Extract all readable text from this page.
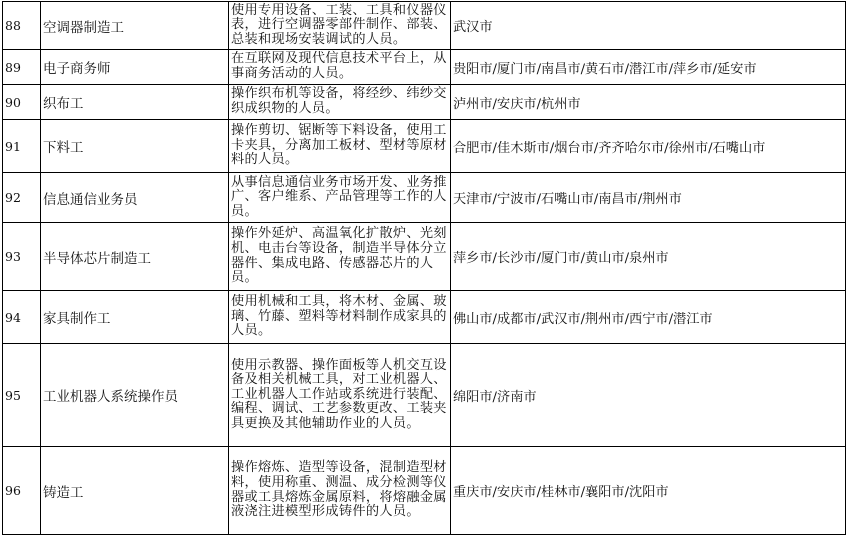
88	空调器制造工	使用专用设备、工装、工具和仪器仪表，进行空调器零部件制作、部装、总装和现场安装调试的人员。	武汉市
89	电子商务师	在互联网及现代信息技术平台上，从事商务活动的人员。	贵阳市/厦门市/南昌市/黄石市/潜江市/萍乡市/延安市
90	织布工	操作织布机等设备，将经纱、纬纱交织成织物的人员。	泸州市/安庆市/杭州市
91	下料工	操作剪切、锯断等下料设备，使用工卡夹具，分离加工板材、型材等原材料的人员。	合肥市/佳木斯市/烟台市/齐齐哈尔市/徐州市/石嘴山市
92	信息通信业务员	从事信息通信业务市场开发、业务推广、客户维系、产品管理等工作的人员。	天津市/宁波市/石嘴山市/南昌市/荆州市
93	半导体芯片制造工	操作外延炉、高温氧化扩散炉、光刻机、电击台等设备，制造半导体分立器件、集成电路、传感器芯片的人员。	萍乡市/长沙市/厦门市/黄山市/泉州市
94	家具制作工	使用机械和工具，将木材、金属、玻璃、竹藤、塑料等材料制作成家具的人员。	佛山市/成都市/武汉市/荆州市/西宁市/潜江市
95	工业机器人系统操作员	使用示教器、操作面板等人机交互设备及相关机械工具，对工业机器人、工业机器人工作站或系统进行装配、编程、调试、工艺参数更改、工装夹具更换及其他辅助作业的人员。	绵阳市/济南市
96	铸造工	操作熔炼、造型等设备，混制造型材料，使用称重、测温、成分检测等仪器或工具熔炼金属原料，将熔融金属液浇注进模型形成铸件的人员。	重庆市/安庆市/桂林市/襄阳市/沈阳市
